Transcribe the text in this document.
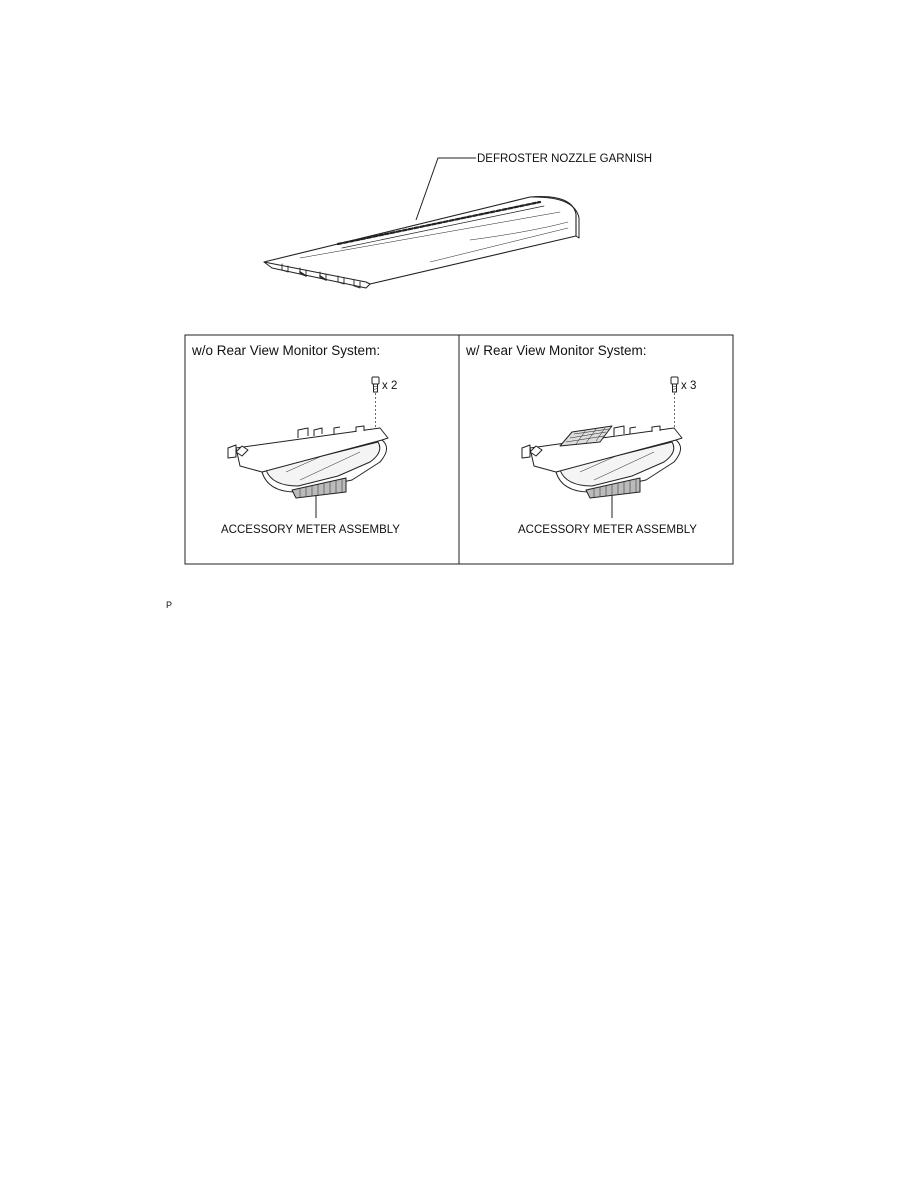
DEFROSTER NOZZLE GARNISH
w/o Rear View Monitor System:
x 2
ACCESSORY METER ASSEMBLY
w/ Rear View Monitor System:
x 3
ACCESSORY METER ASSEMBLY
P
